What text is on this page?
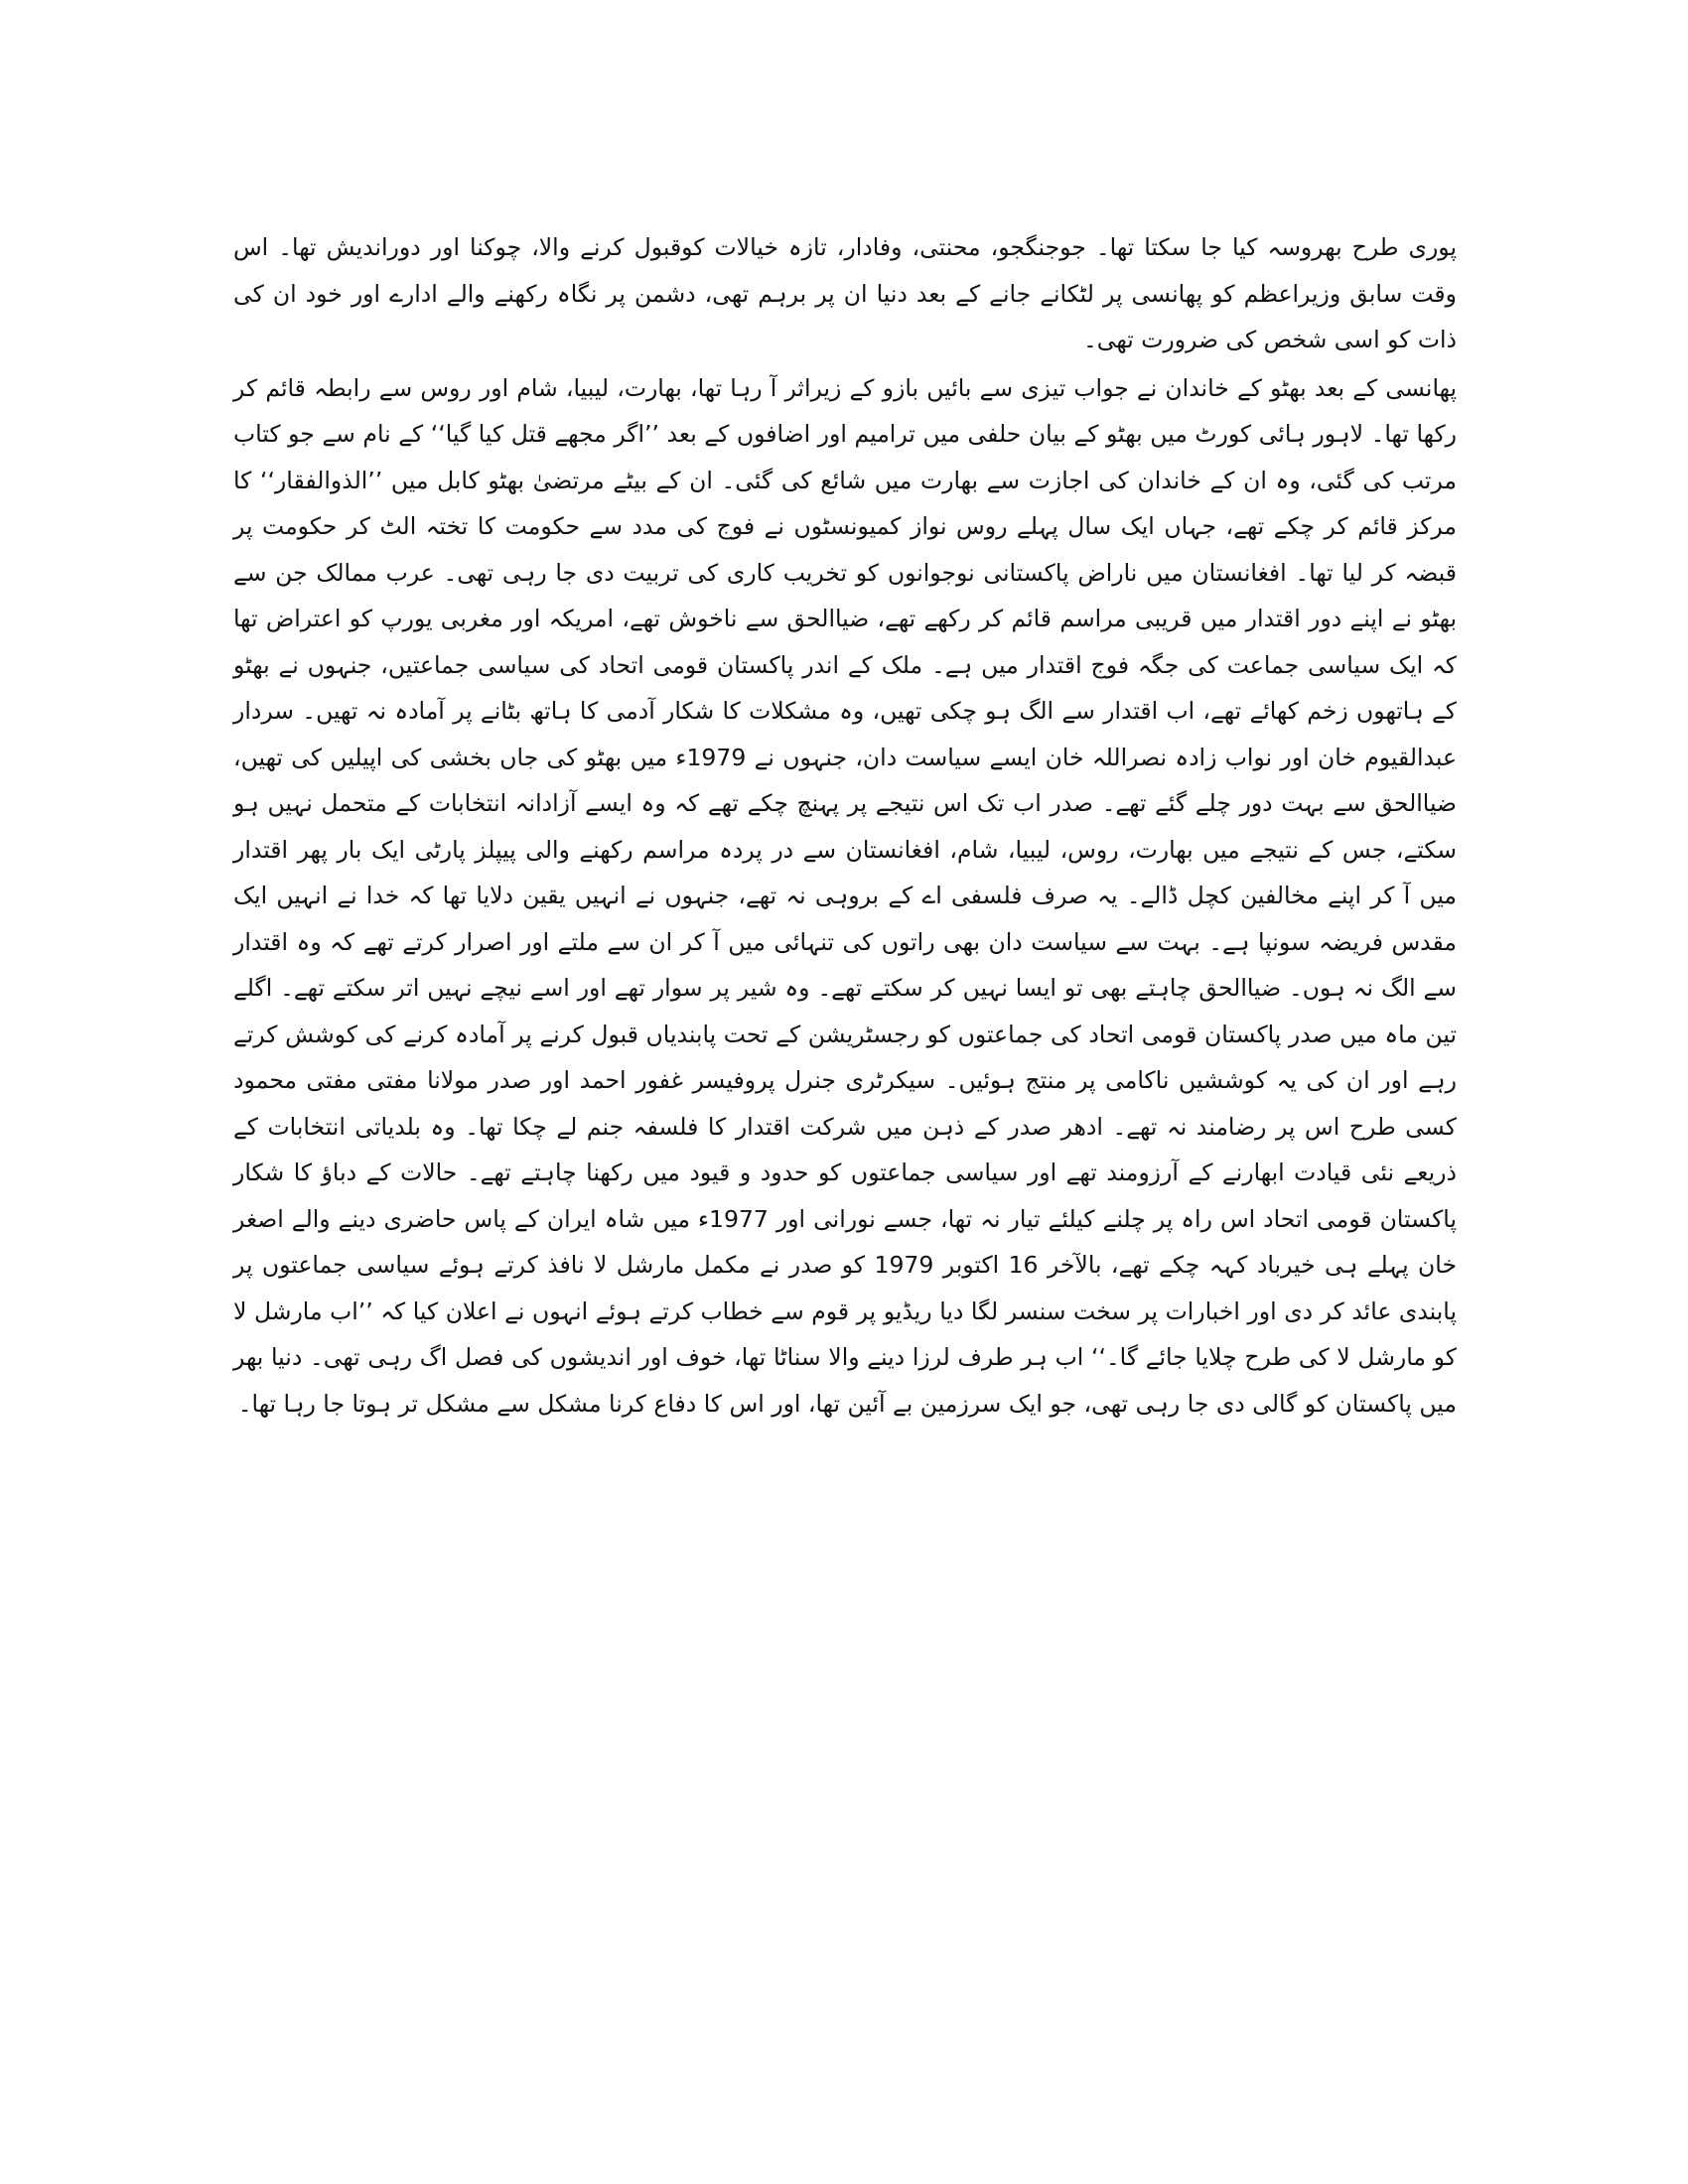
پوری طرح بھروسہ کیا جا سکتا تھا۔ جوجنگجو، محنتی، وفادار، تازہ خیالات کوقبول کرنے والا، چوکنا اور دوراندیش تھا۔ اس وقت سابق وزیراعظم کو پھانسی پر لٹکانے جانے کے بعد دنیا ان پر برہم تھی، دشمن پر نگاہ رکھنے والے ادارے اور خود ان کی ذات کو اسی شخص کی ضرورت تھی۔

پھانسی کے بعد بھٹو کے خاندان نے جواب تیزی سے بائیں بازو کے زیراثر آ رہا تھا، بھارت، لیبیا، شام اور روس سے رابطہ قائم کر رکھا تھا۔ لاہور ہائی کورٹ میں بھٹو کے بیان حلفی میں ترامیم اور اضافوں کے بعد ’’اگر مجھے قتل کیا گیا‘‘ کے نام سے جو کتاب مرتب کی گئی، وہ ان کے خاندان کی اجازت سے بھارت میں شائع کی گئی۔ ان کے بیٹے مرتضیٰ بھٹو کابل میں ’’الذوالفقار‘‘ کا مرکز قائم کر چکے تھے، جہاں ایک سال پہلے روس نواز کمیونسٹوں نے فوج کی مدد سے حکومت کا تختہ الٹ کر حکومت پر قبضہ کر لیا تھا۔ افغانستان میں ناراض پاکستانی نوجوانوں کو تخریب کاری کی تربیت دی جا رہی تھی۔ عرب ممالک جن سے بھٹو نے اپنے دور اقتدار میں قریبی مراسم قائم کر رکھے تھے، ضیاالحق سے ناخوش تھے، امریکہ اور مغربی یورپ کو اعتراض تھا کہ ایک سیاسی جماعت کی جگہ فوج اقتدار میں ہے۔ ملک کے اندر پاکستان قومی اتحاد کی سیاسی جماعتیں، جنہوں نے بھٹو کے ہاتھوں زخم کھائے تھے، اب اقتدار سے الگ ہو چکی تھیں، وہ مشکلات کا شکار آدمی کا ہاتھ بٹانے پر آمادہ نہ تھیں۔ سردار عبدالقیوم خان اور نواب زادہ نصراللہ خان ایسے سیاست دان، جنہوں نے 1979ء میں بھٹو کی جاں بخشی کی اپیلیں کی تھیں، ضیاالحق سے بہت دور چلے گئے تھے۔ صدر اب تک اس نتیجے پر پہنچ چکے تھے کہ وہ ایسے آزادانہ انتخابات کے متحمل نہیں ہو سکتے، جس کے نتیجے میں بھارت، روس، لیبیا، شام، افغانستان سے در پردہ مراسم رکھنے والی پیپلز پارٹی ایک بار پھر اقتدار میں آ کر اپنے مخالفین کچل ڈالے۔ یہ صرف فلسفی اے کے بروہی نہ تھے، جنہوں نے انہیں یقین دلایا تھا کہ خدا نے انہیں ایک مقدس فریضہ سونپا ہے۔ بہت سے سیاست دان بھی راتوں کی تنہائی میں آ کر ان سے ملتے اور اصرار کرتے تھے کہ وہ اقتدار سے الگ نہ ہوں۔ ضیاالحق چاہتے بھی تو ایسا نہیں کر سکتے تھے۔ وہ شیر پر سوار تھے اور اسے نیچے نہیں اتر سکتے تھے۔ اگلے تین ماہ میں صدر پاکستان قومی اتحاد کی جماعتوں کو رجسٹریشن کے تحت پابندیاں قبول کرنے پر آمادہ کرنے کی کوشش کرتے رہے اور ان کی یہ کوششیں ناکامی پر منتج ہوئیں۔ سیکرٹری جنرل پروفیسر غفور احمد اور صدر مولانا مفتی مفتی محمود کسی طرح اس پر رضامند نہ تھے۔ ادھر صدر کے ذہن میں شرکت اقتدار کا فلسفہ جنم لے چکا تھا۔ وہ بلدیاتی انتخابات کے ذریعے نئی قیادت ابھارنے کے آرزومند تھے اور سیاسی جماعتوں کو حدود و قیود میں رکھنا چاہتے تھے۔ حالات کے دباؤ کا شکار پاکستان قومی اتحاد اس راہ پر چلنے کیلئے تیار نہ تھا، جسے نورانی اور 1977ء میں شاہ ایران کے پاس حاضری دینے والے اصغر خان پہلے ہی خیرباد کہہ چکے تھے، بالآخر 16 اکتوبر 1979 کو صدر نے مکمل مارشل لا نافذ کرتے ہوئے سیاسی جماعتوں پر پابندی عائد کر دی اور اخبارات پر سخت سنسر لگا دیا ریڈیو پر قوم سے خطاب کرتے ہوئے انہوں نے اعلان کیا کہ ’’اب مارشل لا کو مارشل لا کی طرح چلایا جائے گا۔‘‘ اب ہر طرف لرزا دینے والا سناٹا تھا، خوف اور اندیشوں کی فصل اگ رہی تھی۔ دنیا بھر میں پاکستان کو گالی دی جا رہی تھی، جو ایک سرزمین بے آئین تھا، اور اس کا دفاع کرنا مشکل سے مشکل تر ہوتا جا رہا تھا۔
